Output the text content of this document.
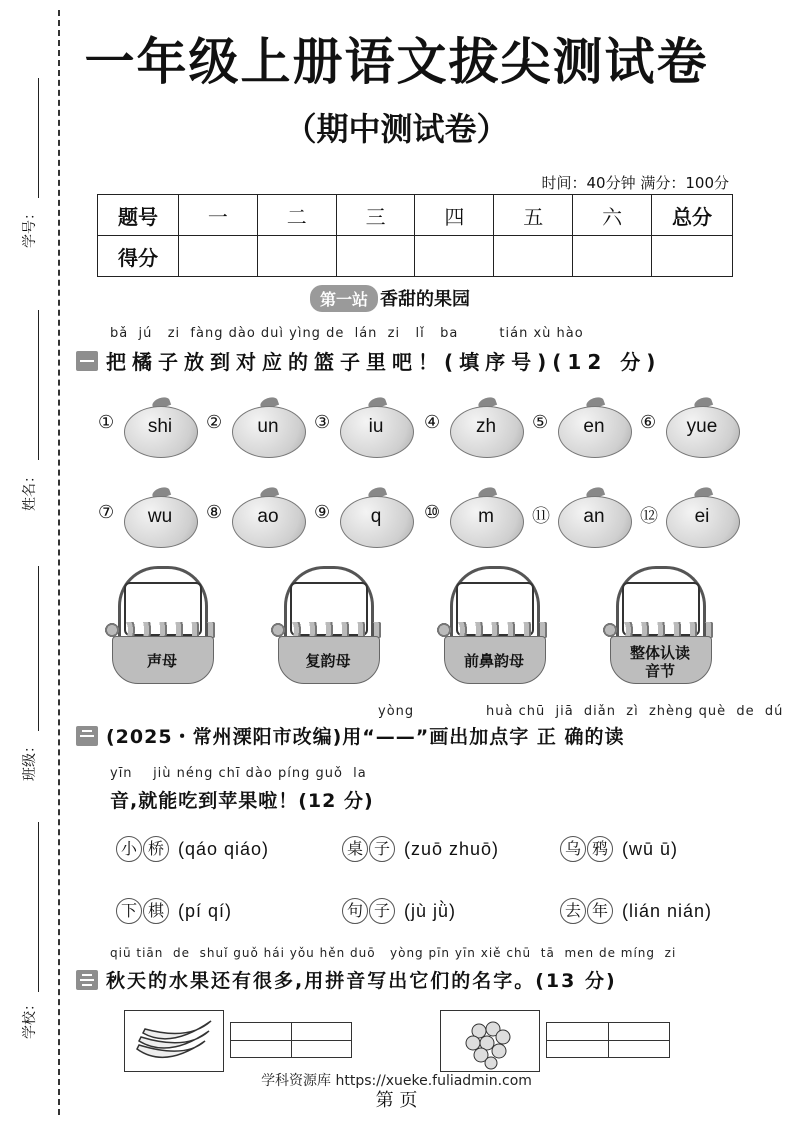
学号：
姓名：
班级：
学校：
一年级上册语文拔尖测试卷
（期中测试卷）
时间：40分钟 满分：100分
题号	一	二	三	四	五	六	总分
得分							
第一站 香甜的果园
bǎ  jú   zi  fàng dào duì yìng de  lán  zi   lǐ   ba        tián xù hào
把橘子放到对应的篮子里吧！(填序号)(12 分)
①	shi	②	un	③	iu	④	zh	⑤	en	⑥	yue
⑦	wu	⑧	ao	⑨	q	⑩	m	⑪	an	⑫	ei
声母	复韵母	前鼻韵母	整体认读音节
yòng	huà chū  jiā  diǎn  zì  zhèng què  de  dú
(2025・常州溧阳市改编)用“——”画出加点字 正 确的读
yīn    jiù néng chī dào píng guǒ  la
音,就能吃到苹果啦！(12 分)
小 桥 (qáo qiáo)	桌 子 (zuō zhuō)	乌 鸦 (wū ū)
下 棋 (pí qí)	句 子 (jù jǜ)	去 年 (lián nián)
qiū tiān  de  shuǐ guǒ hái yǒu hěn duō   yòng pīn yīn xiě chū  tā  men de míng  zi
秋天的水果还有很多,用拼音写出它们的名字。(13 分)
学科资源库 https://xueke.fuliadmin.com
第 页
